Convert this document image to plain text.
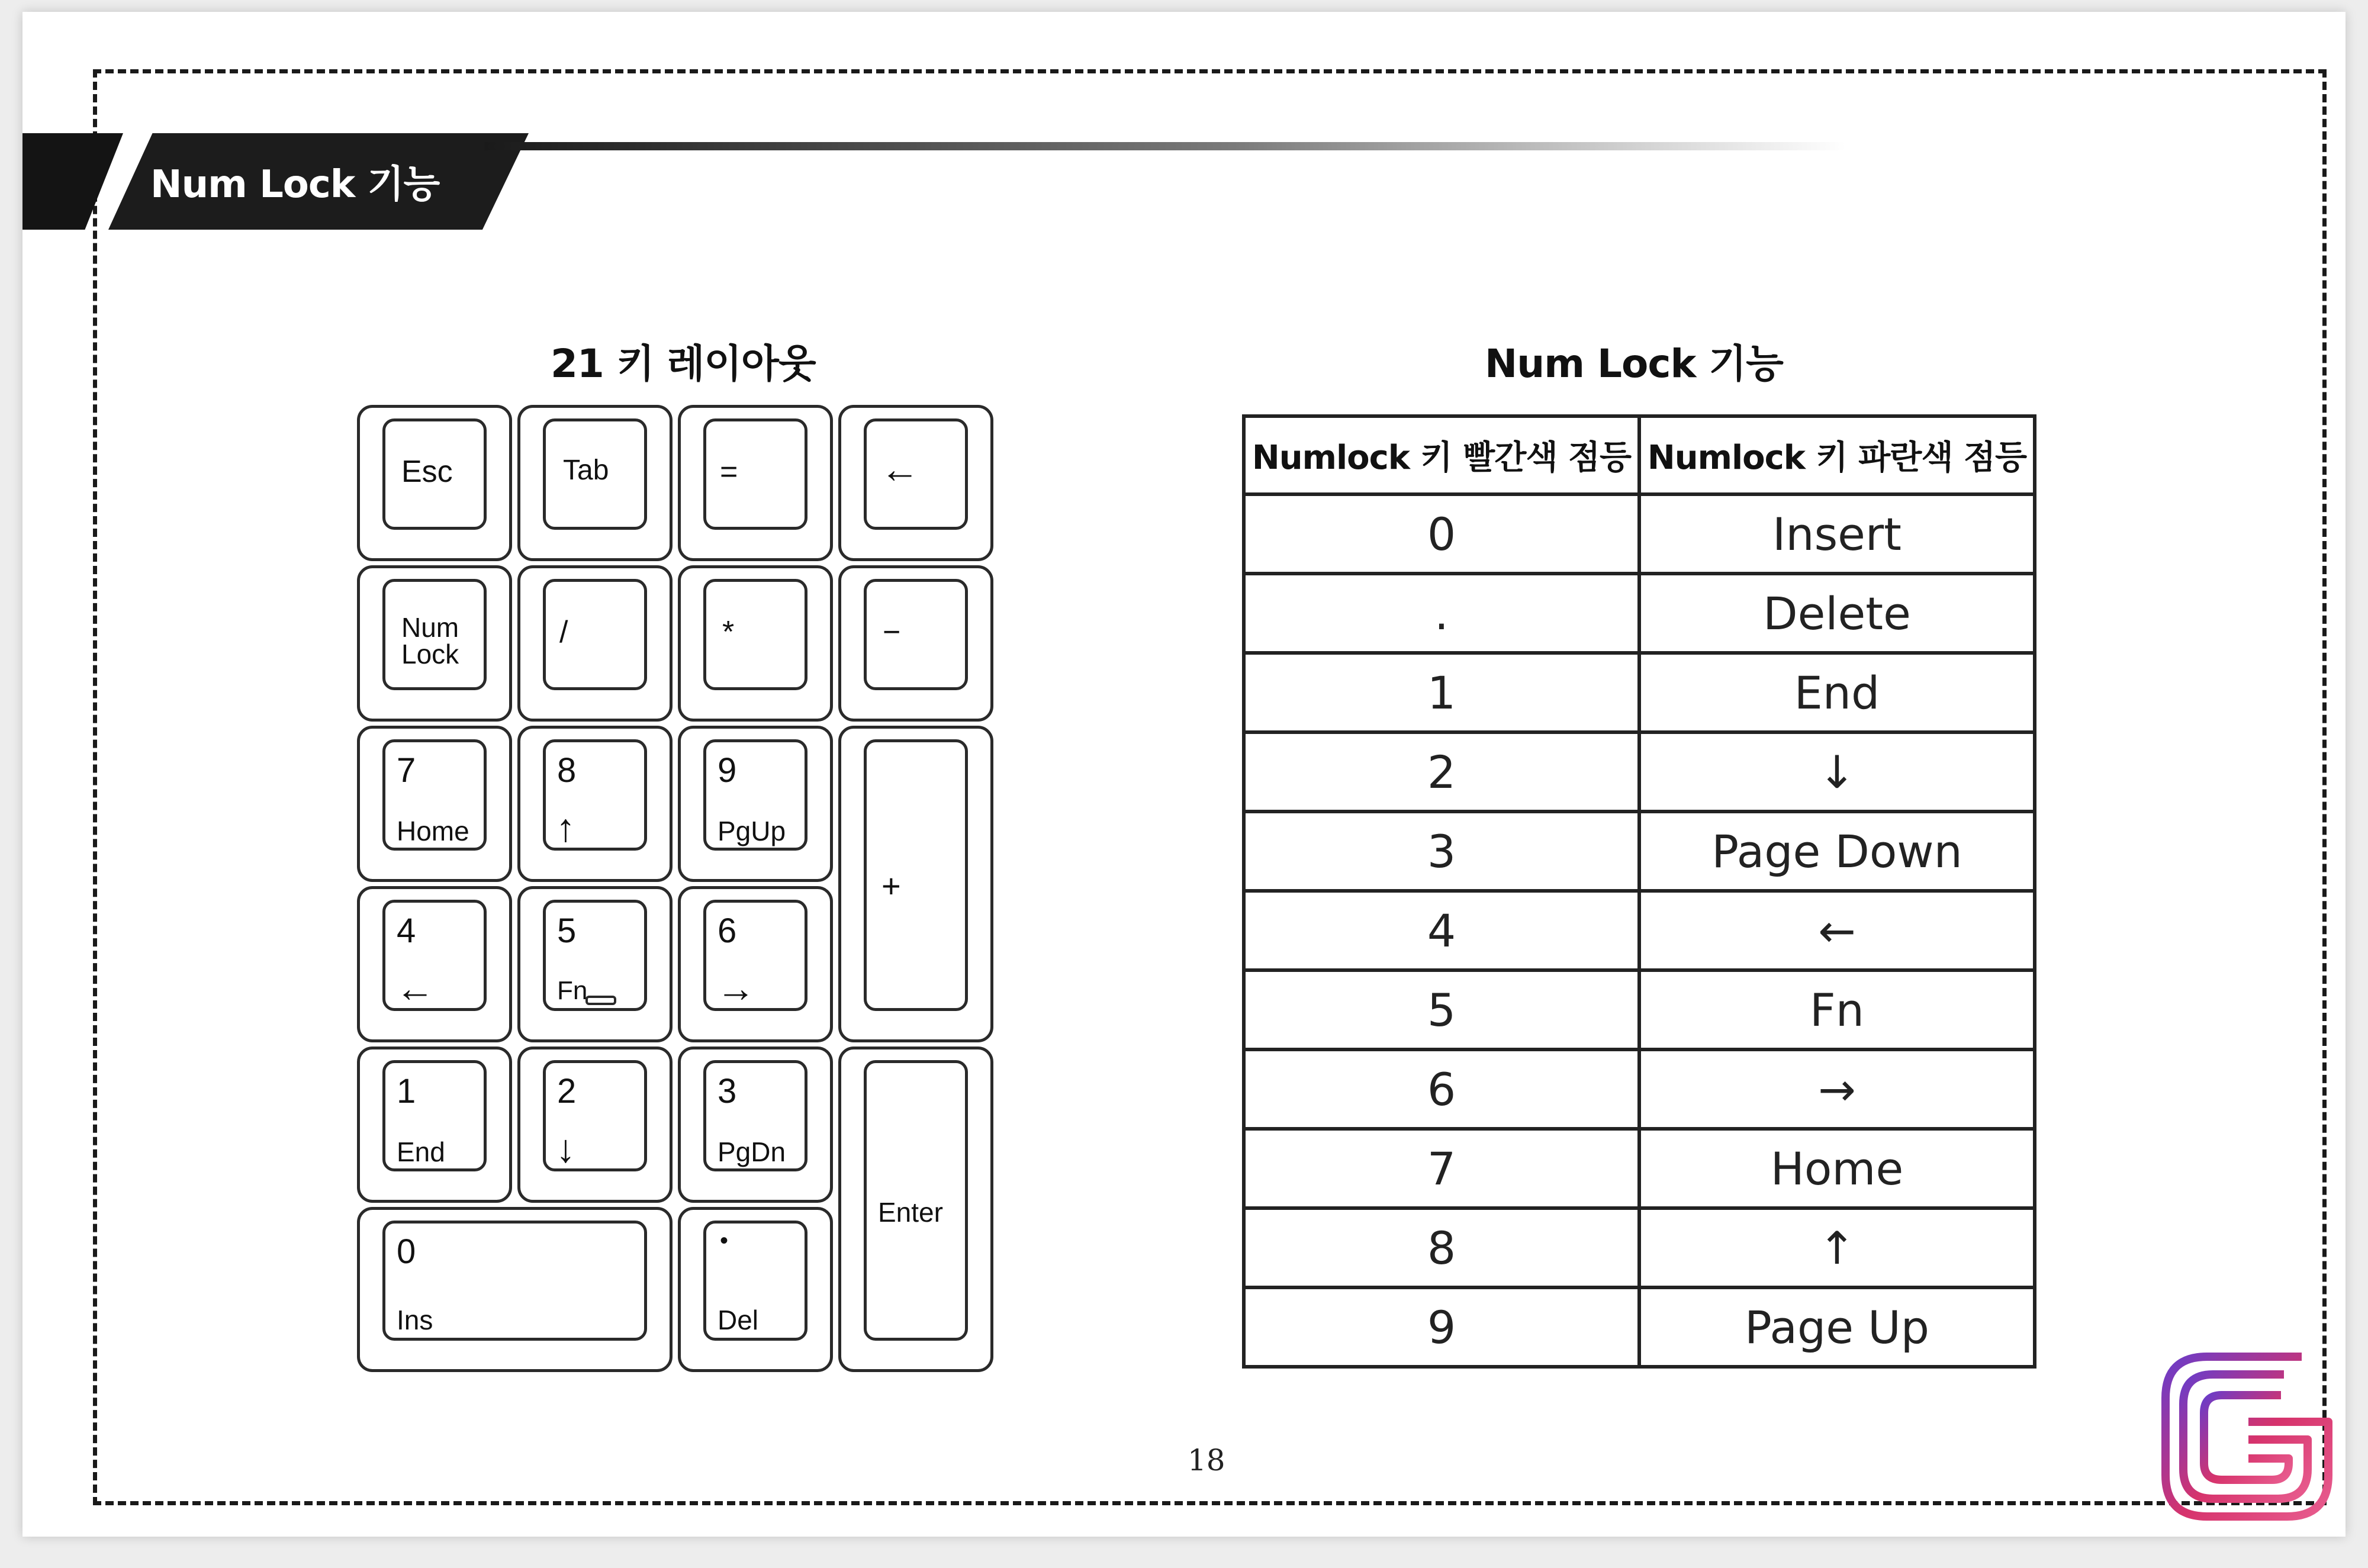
Num Lock 기능
21 키 레이아웃	Num Lock 기능
Esc	Tab	=	←
Num
Lock
/	*	−
7
Home
8
↑
9
PgUp
+
4
←
5
Fn
6
→
1
End
2
↓
3
PgDn
Enter
0
Ins
•
Del
Numlock 키 빨간색 점등	Numlock 키 파란색 점등
0	Insert
.	Delete
1	End
2	↓
3	Page Down
4	←
5	Fn
6	→
7	Home
8	↑
9	Page Up
18
